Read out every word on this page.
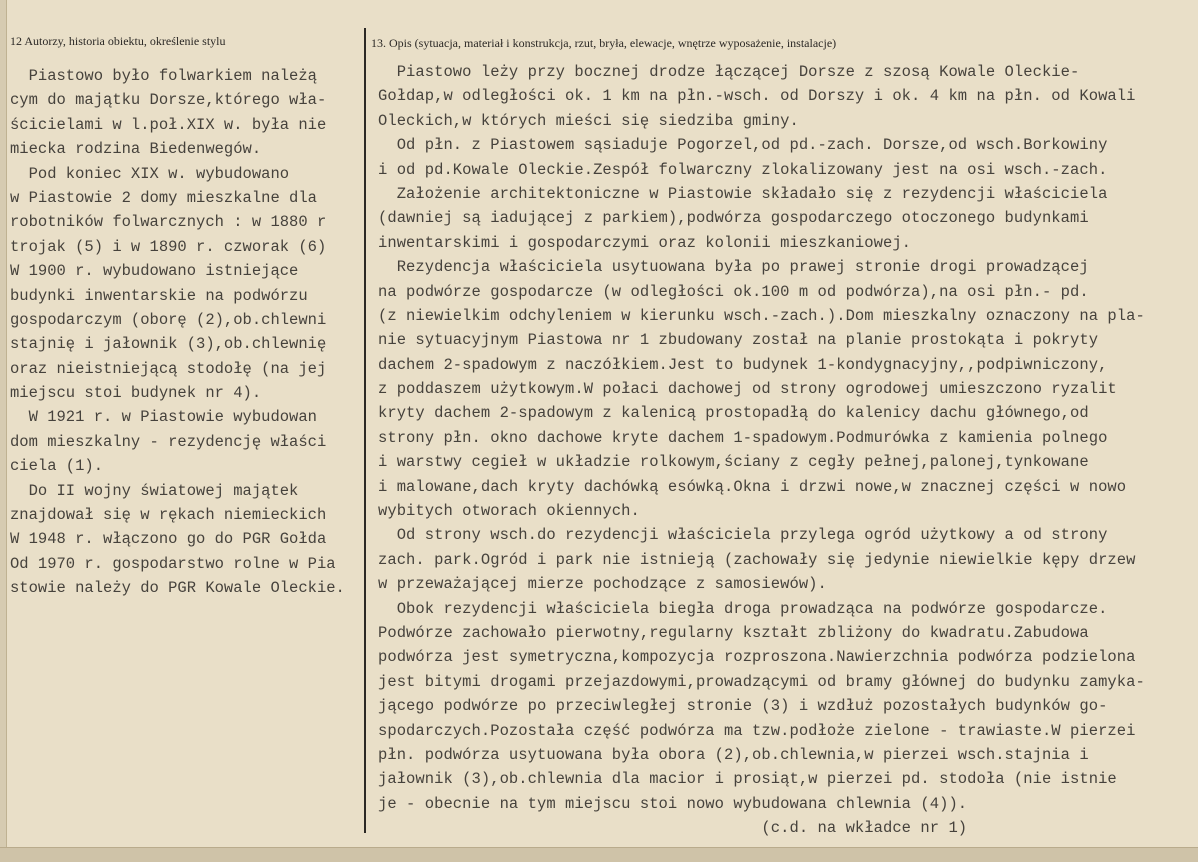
12 Autorzy, historia obiektu, określenie stylu	13. Opis (sytuacja, materiał i konstrukcja, rzut, bryła, elewacje, wnętrze wyposażenie, instalacje)
Piastowo było folwarkiem należą
cym do majątku Dorsze,którego wła-
ścicielami w l.poł.XIX w. była nie
miecka rodzina Biedenwegów.
Pod koniec XIX w. wybudowano
w Piastowie 2 domy mieszkalne dla
robotników folwarcznych : w 1880 r
trojak (5) i w 1890 r. czworak (6)
W 1900 r. wybudowano istniejące
budynki inwentarskie na podwórzu
gospodarczym (oborę (2),ob.chlewni
stajnię i jałownik (3),ob.chlewnię
oraz nieistniejącą stodołę (na jej
miejscu stoi budynek nr 4).
W 1921 r. w Piastowie wybudowan
dom mieszkalny - rezydencję właści
ciela (1).
Do II wojny światowej majątek
znajdował się w rękach niemieckich
W 1948 r. włączono go do PGR Gołda
Od 1970 r. gospodarstwo rolne w Pia
stowie należy do PGR Kowale Oleckie.
Piastowo leży przy bocznej drodze łączącej Dorsze z szosą Kowale Oleckie-
Gołdap,w odległości ok. 1 km na płn.-wsch. od Dorszy i ok. 4 km na płn. od Kowali
Oleckich,w których mieści się siedziba gminy.
Od płn. z Piastowem sąsiaduje Pogorzel,od pd.-zach. Dorsze,od wsch.Borkowiny
i od pd.Kowale Oleckie.Zespół folwarczny zlokalizowany jest na osi wsch.-zach.
Założenie architektoniczne w Piastowie składało się z rezydencji właściciela
(dawniej są iadującej z parkiem),podwórza gospodarczego otoczonego budynkami
inwentarskimi i gospodarczymi oraz kolonii mieszkaniowej.
Rezydencja właściciela usytuowana była po prawej stronie drogi prowadzącej
na podwórze gospodarcze (w odległości ok.100 m od podwórza),na osi płn.- pd.
(z niewielkim odchyleniem w kierunku wsch.-zach.).Dom mieszkalny oznaczony na pla-
nie sytuacyjnym Piastowa nr 1 zbudowany został na planie prostokąta i pokryty
dachem 2-spadowym z naczółkiem.Jest to budynek 1-kondygnacyjny,,podpiwniczony,
z poddaszem użytkowym.W połaci dachowej od strony ogrodowej umieszczono ryzalit
kryty dachem 2-spadowym z kalenicą prostopadłą do kalenicy dachu głównego,od
strony płn. okno dachowe kryte dachem 1-spadowym.Podmurówka z kamienia polnego
i warstwy cegieł w układzie rolkowym,ściany z cegły pełnej,palonej,tynkowane
i malowane,dach kryty dachówką esówką.Okna i drzwi nowe,w znacznej części w nowo
wybitych otworach okiennych.
Od strony wsch.do rezydencji właściciela przylega ogród użytkowy a od strony
zach. park.Ogród i park nie istnieją (zachowały się jedynie niewielkie kępy drzew
w przeważającej mierze pochodzące z samosiewów).
Obok rezydencji właściciela biegła droga prowadząca na podwórze gospodarcze.
Podwórze zachowało pierwotny,regularny kształt zbliżony do kwadratu.Zabudowa
podwórza jest symetryczna,kompozycja rozproszona.Nawierzchnia podwórza podzielona
jest bitymi drogami przejazdowymi,prowadzącymi od bramy głównej do budynku zamyka-
jącego podwórze po przeciwległej stronie (3) i wzdłuż pozostałych budynków go-
spodarczych.Pozostała część podwórza ma tzw.podłoże zielone - trawiaste.W pierzei
płn. podwórza usytuowana była obora (2),ob.chlewnia,w pierzei wsch.stajnia i
jałownik (3),ob.chlewnia dla macior i prosiąt,w pierzei pd. stodoła (nie istnie
je - obecnie na tym miejscu stoi nowo wybudowana chlewnia (4)).
(c.d. na wkładce nr 1)
